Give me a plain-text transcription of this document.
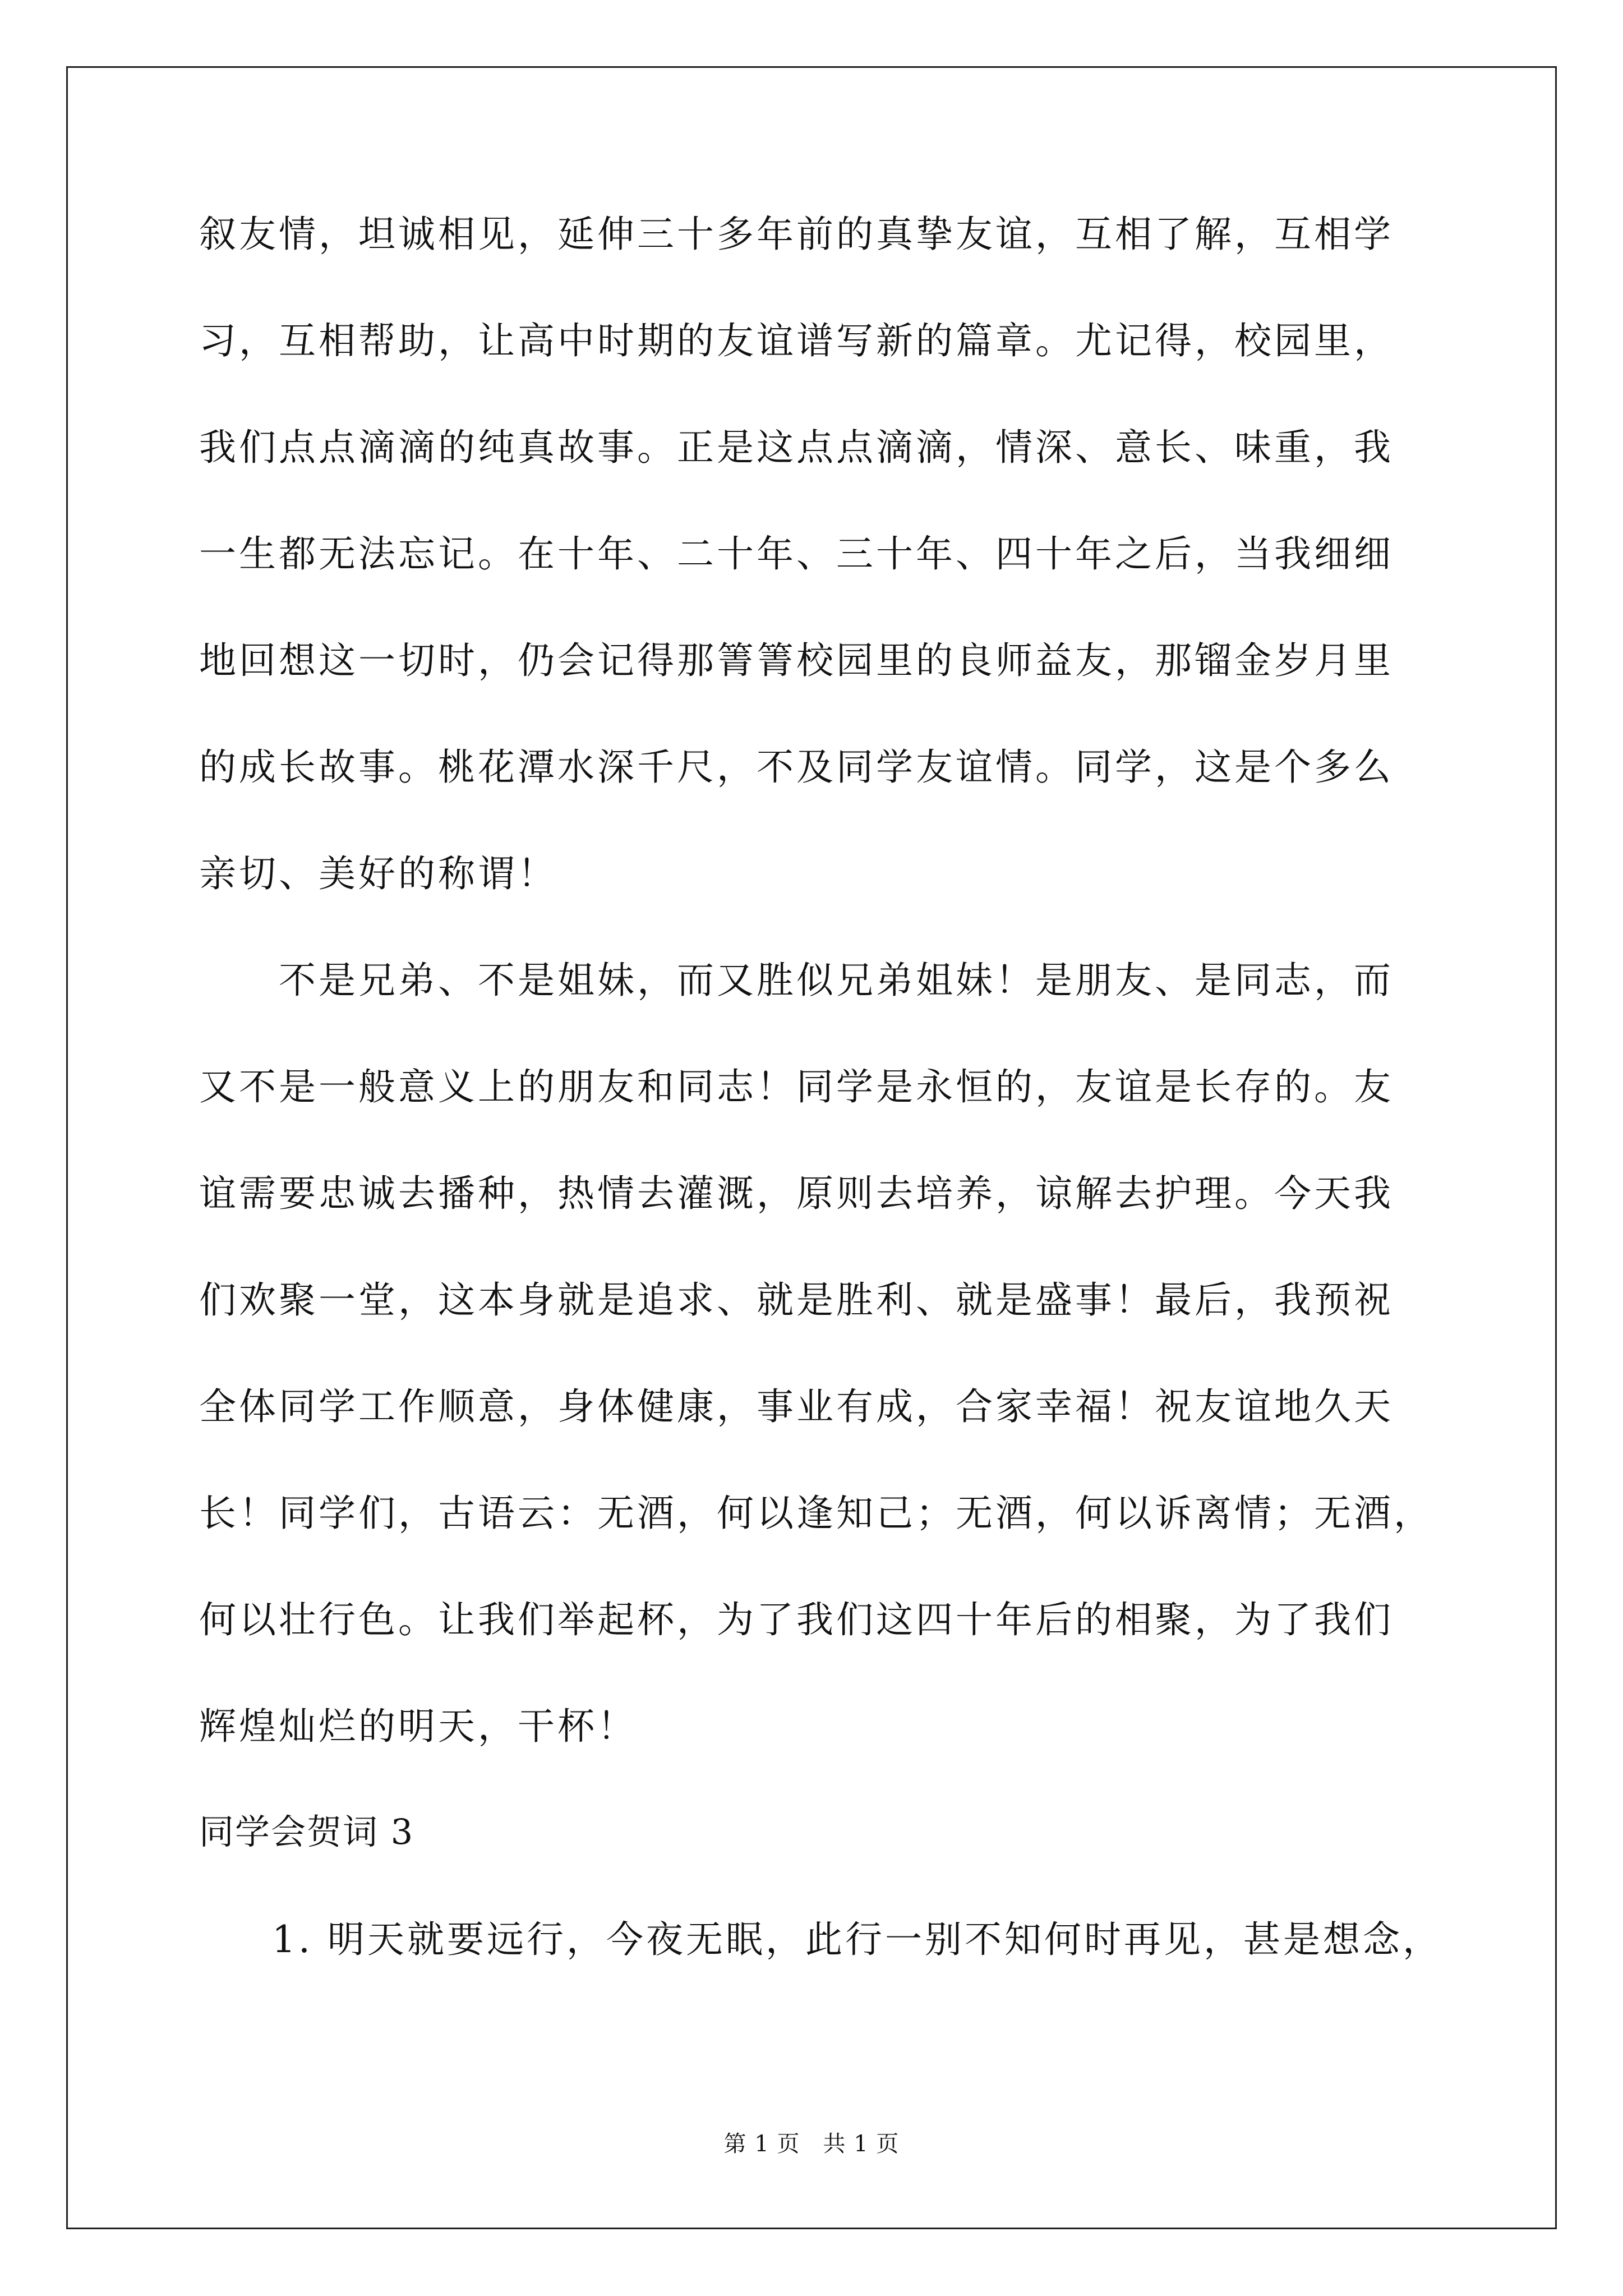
叙友情，坦诚相见，延伸三十多年前的真挚友谊，互相了解，互相学
习，互相帮助，让高中时期的友谊谱写新的篇章。尤记得，校园里，
我们点点滴滴的纯真故事。正是这点点滴滴，情深、意长、味重，我
一生都无法忘记。在十年、二十年、三十年、四十年之后，当我细细
地回想这一切时，仍会记得那箐箐校园里的良师益友，那镏金岁月里
的成长故事。桃花潭水深千尺，不及同学友谊情。同学，这是个多么
亲切、美好的称谓！
不是兄弟、不是姐妹，而又胜似兄弟姐妹！是朋友、是同志，而
又不是一般意义上的朋友和同志！同学是永恒的，友谊是长存的。友
谊需要忠诚去播种，热情去灌溉，原则去培养，谅解去护理。今天我
们欢聚一堂，这本身就是追求、就是胜利、就是盛事！最后，我预祝
全体同学工作顺意，身体健康，事业有成，合家幸福！祝友谊地久天
长！同学们，古语云：无酒，何以逢知己；无酒，何以诉离情；无酒，
何以壮行色。让我们举起杯，为了我们这四十年后的相聚，为了我们
辉煌灿烂的明天，干杯！
同学会贺词 3
1. 明天就要远行，今夜无眠，此行一别不知何时再见，甚是想念，
第 1 页　共 1 页
